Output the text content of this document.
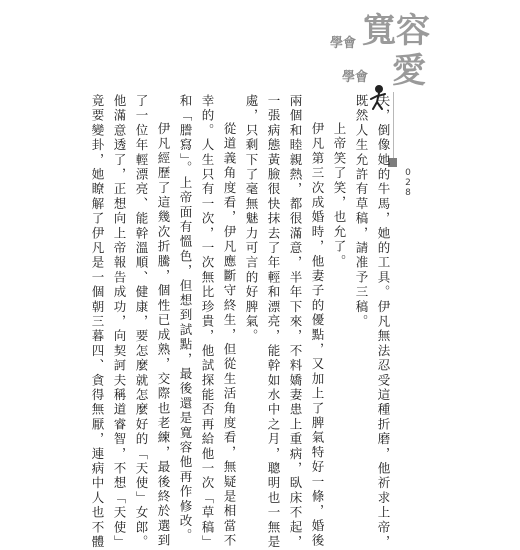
學會 寬容
學會 愛
028
夫，倒像她的牛馬，她的工具。伊凡無法忍受這種折磨，他祈求上帝，
既然人生允許有草稿，請准予三稿。
上帝笑了笑，也允了。
伊凡第三次成婚時，他妻子的優點，又加上了脾氣特好一條，婚後
兩個和睦親熱，都很滿意，半年下來，不料嬌妻患上重病，臥床不起，
一張病態黃臉很快抹去了年輕和漂亮，能幹如水中之月，聰明也一無是
處，只剩下了毫無魅力可言的好脾氣。
從道義角度看，伊凡應斷守終生，但從生活角度看，無疑是相當不
幸的。人生只有一次，一次無比珍貴，他試探能否再給他一次「草稿」
和「謄寫」。上帝面有慍色，但想到試點，最後還是寬容他再作修改。
伊凡經歷了這幾次折騰，個性已成熟，交際也老練，最後終於選到
了一位年輕漂亮、能幹溫順、健康，要怎麼就怎麼好的「天使」女郎。
他滿意透了，正想向上帝報告成功，向契訶夫稱道睿智，不想「天使」
竟要變卦，她瞭解了伊凡是一個朝三暮四、貪得無厭，連病中人也不體
